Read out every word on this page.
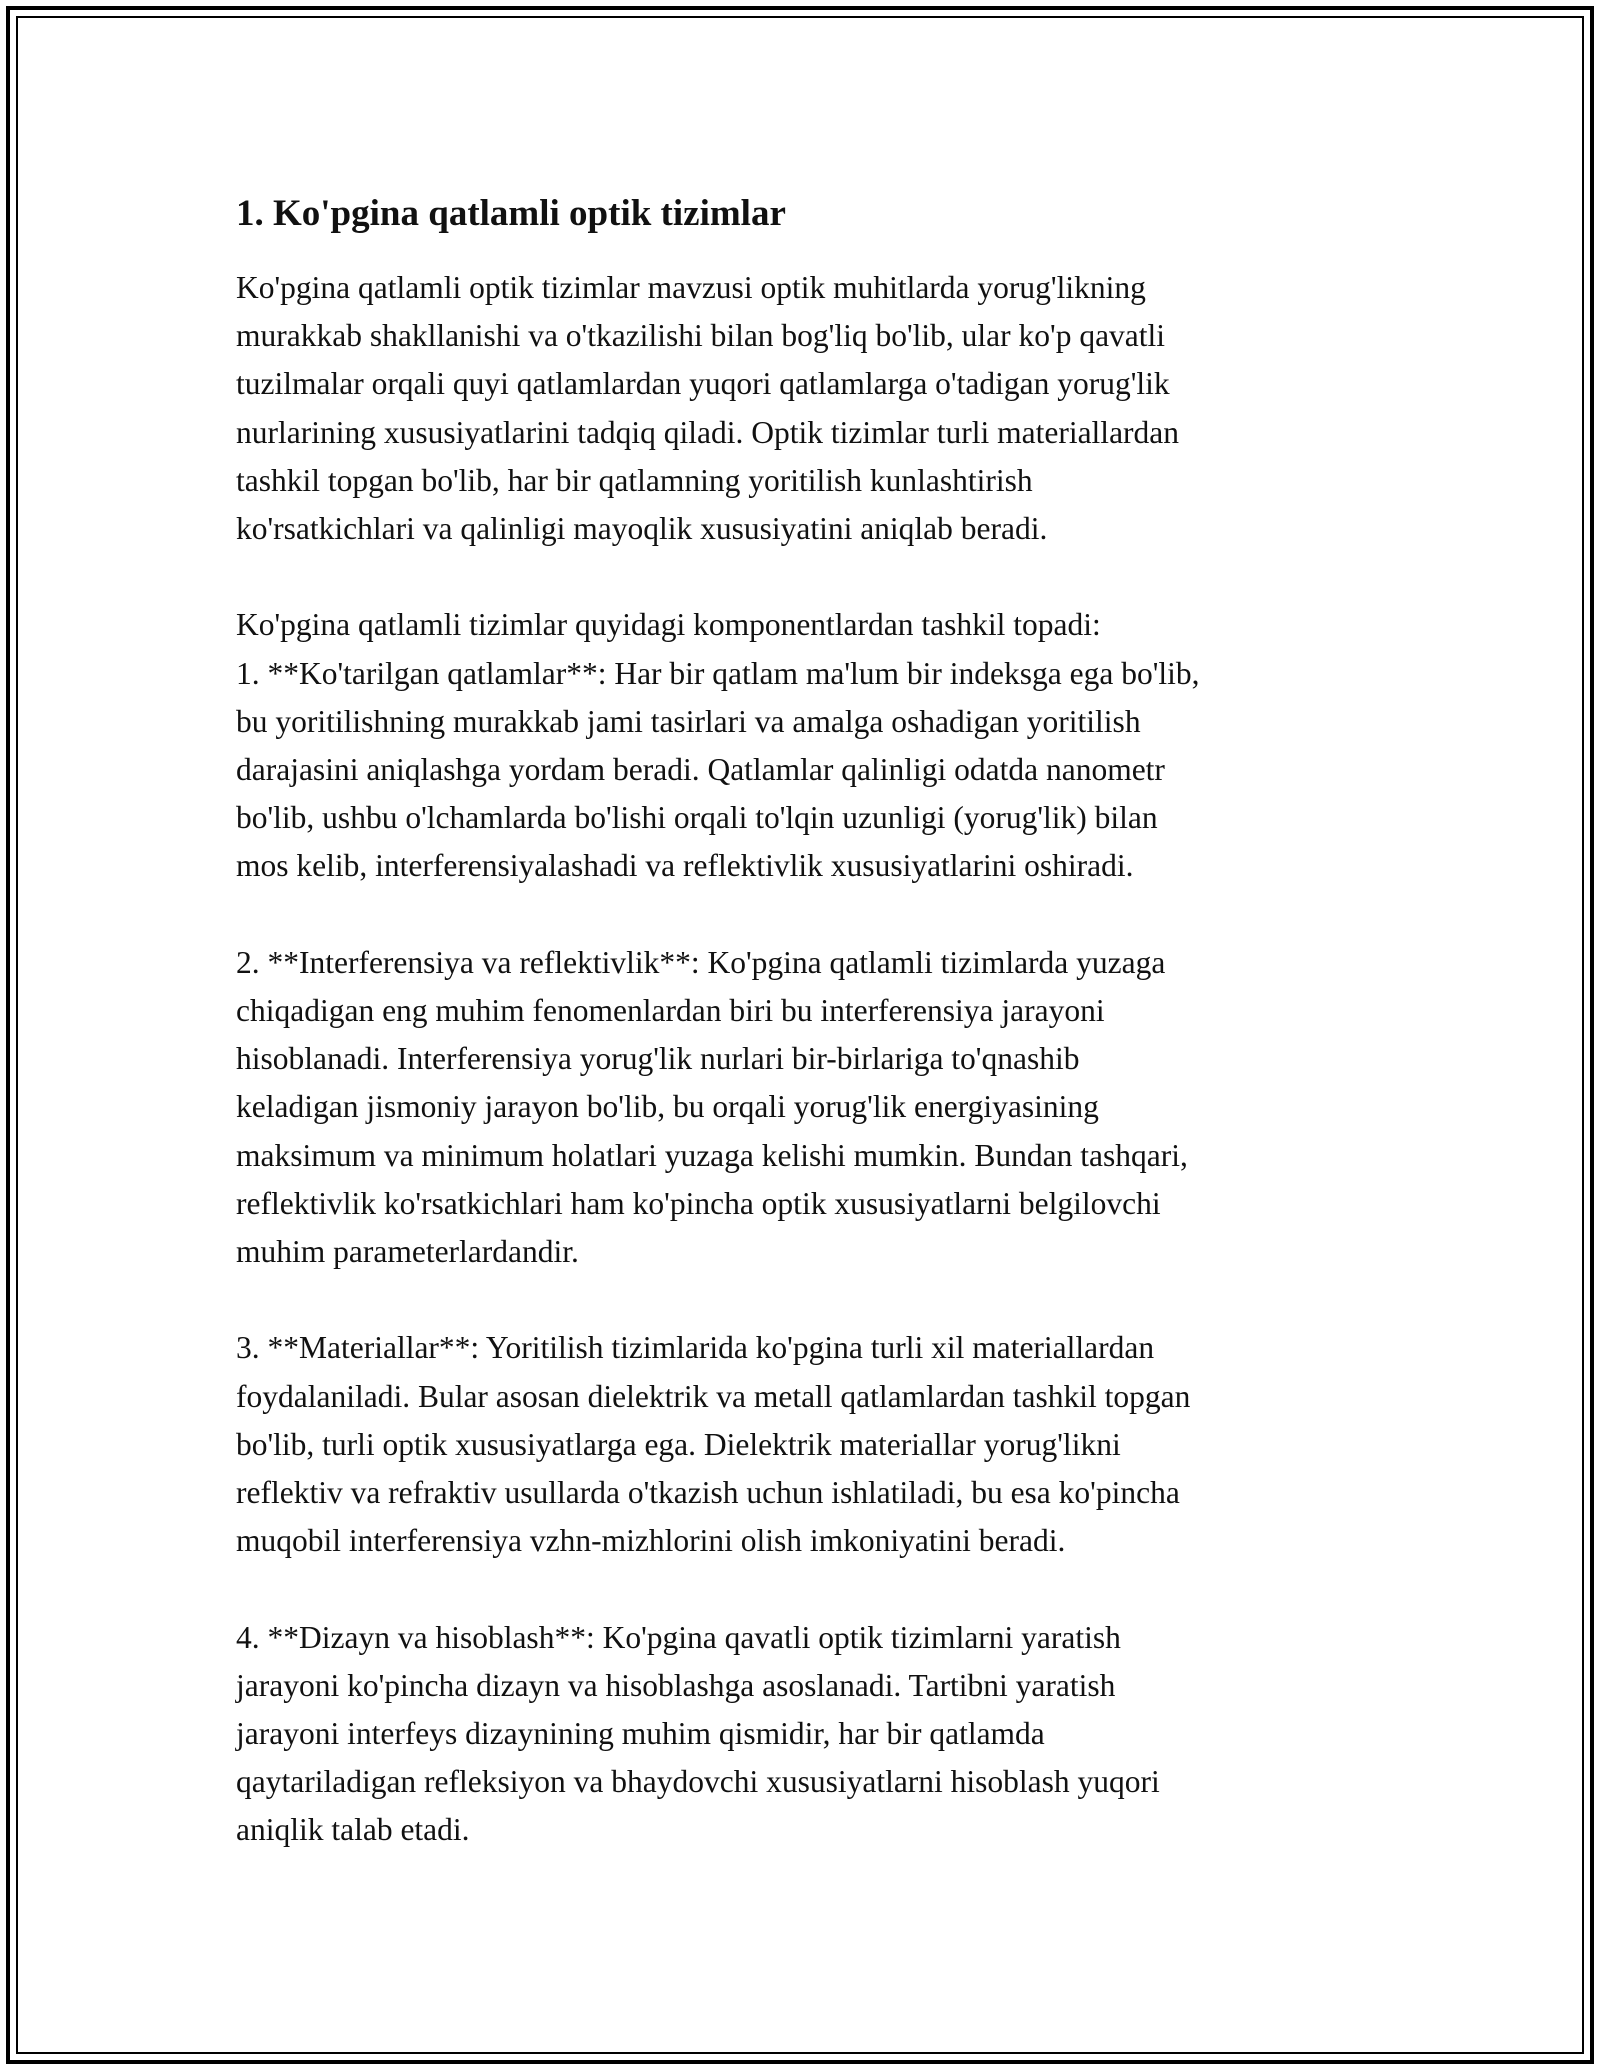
1. Ko'pgina qatlamli optik tizimlar

Ko'pgina qatlamli optik tizimlar mavzusi optik muhitlarda yorug'likning
murakkab shakllanishi va o'tkazilishi bilan bog'liq bo'lib, ular ko'p qavatli
tuzilmalar orqali quyi qatlamlardan yuqori qatlamlarga o'tadigan yorug'lik
nurlarining xususiyatlarini tadqiq qiladi. Optik tizimlar turli materiallardan
tashkil topgan bo'lib, har bir qatlamning yoritilish kunlashtirish
ko'rsatkichlari va qalinligi mayoqlik xususiyatini aniqlab beradi.

Ko'pgina qatlamli tizimlar quyidagi komponentlardan tashkil topadi:
1. **Ko'tarilgan qatlamlar**: Har bir qatlam ma'lum bir indeksga ega bo'lib,
bu yoritilishning murakkab jami tasirlari va amalga oshadigan yoritilish
darajasini aniqlashga yordam beradi. Qatlamlar qalinligi odatda nanometr
bo'lib, ushbu o'lchamlarda bo'lishi orqali to'lqin uzunligi (yorug'lik) bilan
mos kelib, interferensiyalashadi va reflektivlik xususiyatlarini oshiradi.

2. **Interferensiya va reflektivlik**: Ko'pgina qatlamli tizimlarda yuzaga
chiqadigan eng muhim fenomenlardan biri bu interferensiya jarayoni
hisoblanadi. Interferensiya yorug'lik nurlari bir-birlariga to'qnashib
keladigan jismoniy jarayon bo'lib, bu orqali yorug'lik energiyasining
maksimum va minimum holatlari yuzaga kelishi mumkin. Bundan tashqari,
reflektivlik ko'rsatkichlari ham ko'pincha optik xususiyatlarni belgilovchi
muhim parameterlardandir.

3. **Materiallar**: Yoritilish tizimlarida ko'pgina turli xil materiallardan
foydalaniladi. Bular asosan dielektrik va metall qatlamlardan tashkil topgan
bo'lib, turli optik xususiyatlarga ega. Dielektrik materiallar yorug'likni
reflektiv va refraktiv usullarda o'tkazish uchun ishlatiladi, bu esa ko'pincha
muqobil interferensiya vzhn-mizhlorini olish imkoniyatini beradi.

4. **Dizayn va hisoblash**: Ko'pgina qavatli optik tizimlarni yaratish
jarayoni ko'pincha dizayn va hisoblashga asoslanadi. Tartibni yaratish
jarayoni interfeys dizaynining muhim qismidir, har bir qatlamda
qaytariladigan refleksiyon va bhaydovchi xususiyatlarni hisoblash yuqori
aniqlik talab etadi.
